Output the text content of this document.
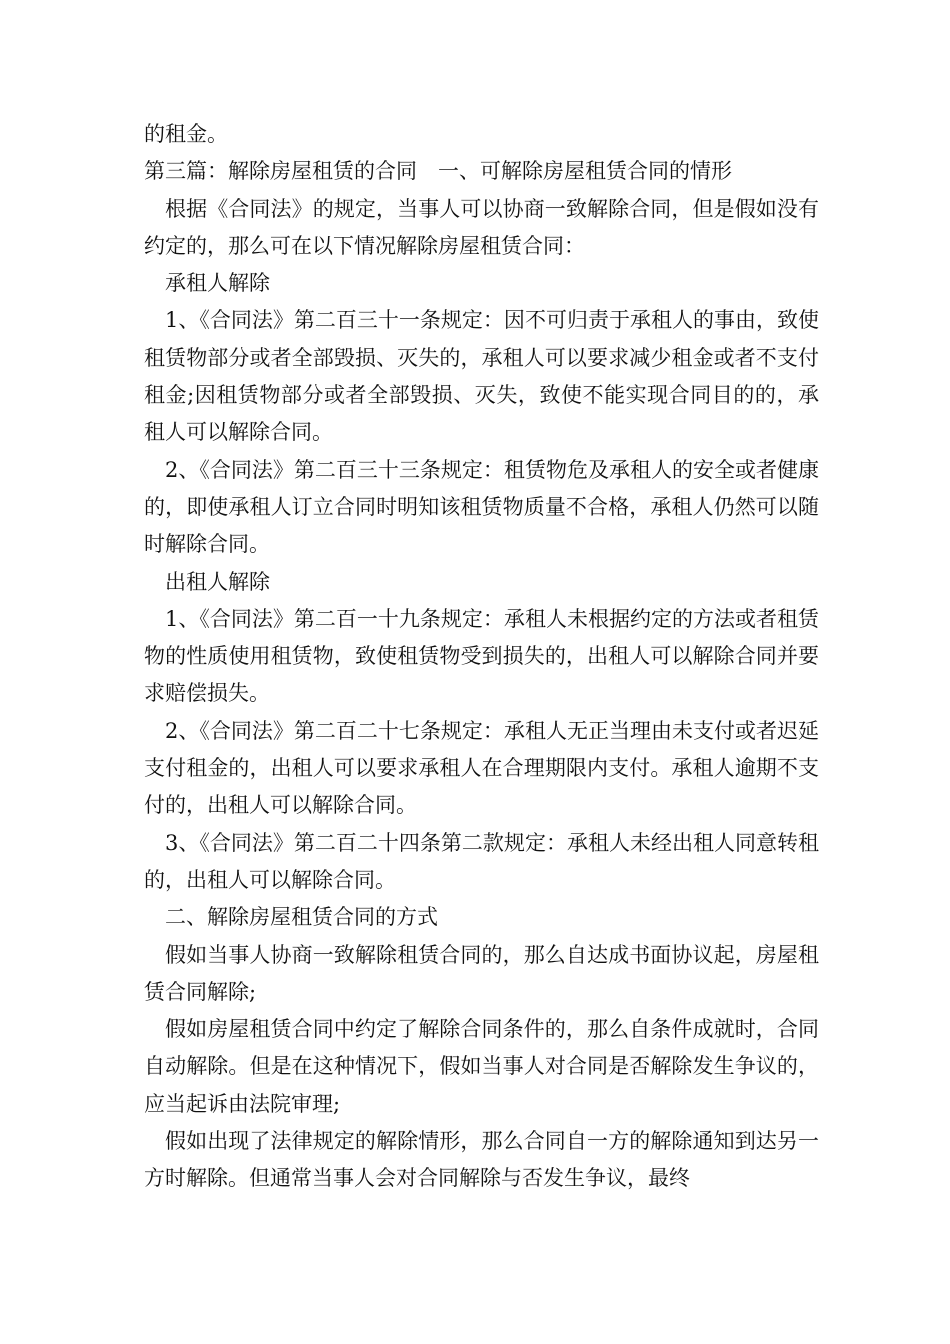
的租金。

第三篇：解除房屋租赁的合同　一、可解除房屋租赁合同的情形

根据《合同法》的规定，当事人可以协商一致解除合同，但是假如没有约定的，那么可在以下情况解除房屋租赁合同：

承租人解除

1、《合同法》第二百三十一条规定：因不可归责于承租人的事由，致使租赁物部分或者全部毁损、灭失的，承租人可以要求减少租金或者不支付租金;因租赁物部分或者全部毁损、灭失，致使不能实现合同目的的，承租人可以解除合同。

2、《合同法》第二百三十三条规定：租赁物危及承租人的安全或者健康的，即使承租人订立合同时明知该租赁物质量不合格，承租人仍然可以随时解除合同。

出租人解除

1、《合同法》第二百一十九条规定：承租人未根据约定的方法或者租赁物的性质使用租赁物，致使租赁物受到损失的，出租人可以解除合同并要求赔偿损失。

2、《合同法》第二百二十七条规定：承租人无正当理由未支付或者迟延支付租金的，出租人可以要求承租人在合理期限内支付。承租人逾期不支付的，出租人可以解除合同。

3、《合同法》第二百二十四条第二款规定：承租人未经出租人同意转租的，出租人可以解除合同。

二、解除房屋租赁合同的方式

假如当事人协商一致解除租赁合同的，那么自达成书面协议起，房屋租赁合同解除;

假如房屋租赁合同中约定了解除合同条件的，那么自条件成就时，合同自动解除。但是在这种情况下，假如当事人对合同是否解除发生争议的，应当起诉由法院审理;

假如出现了法律规定的解除情形，那么合同自一方的解除通知到达另一方时解除。但通常当事人会对合同解除与否发生争议，最终
